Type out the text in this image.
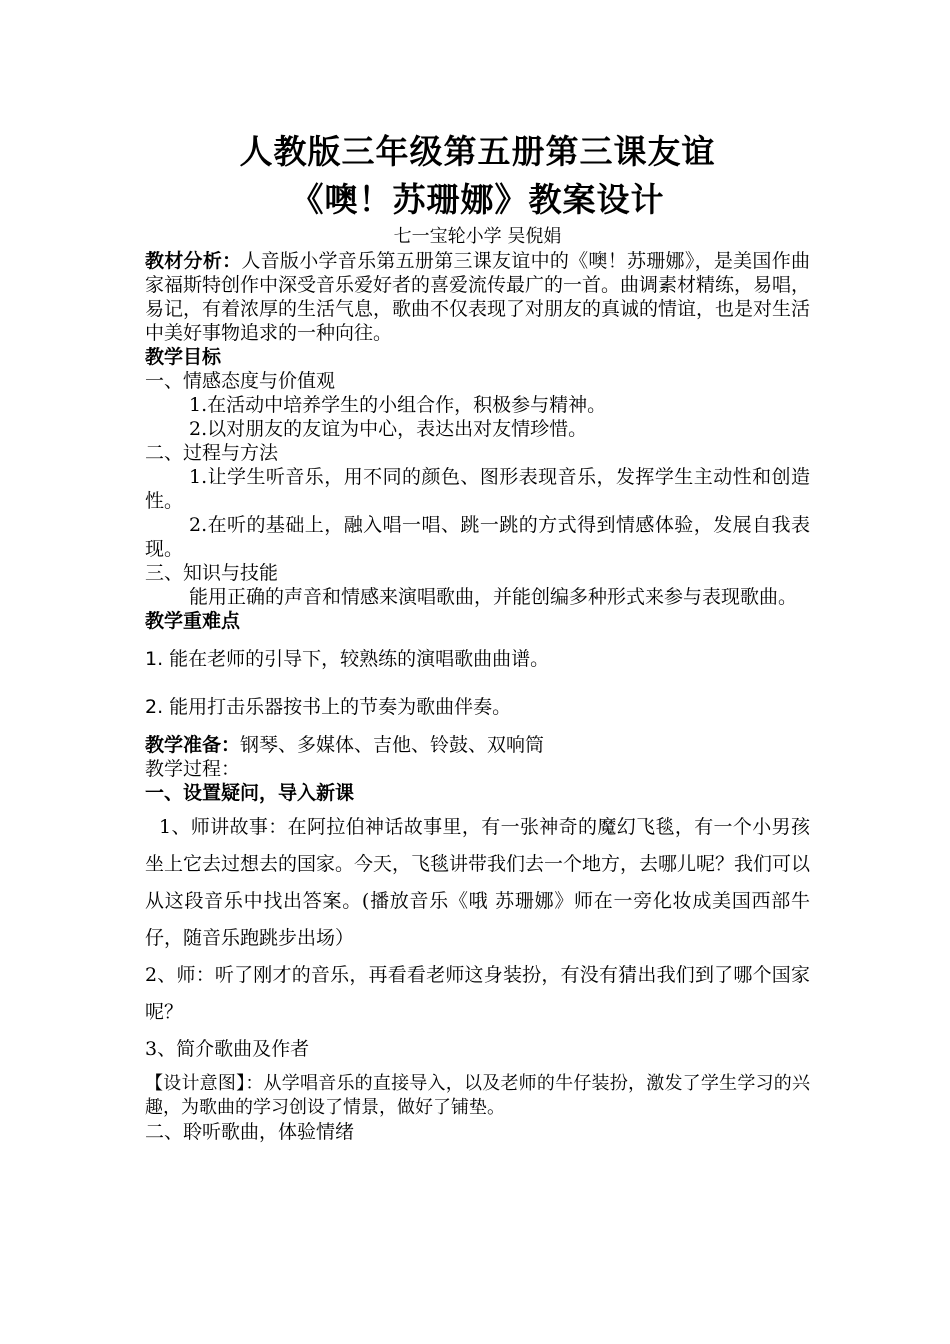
人教版三年级第五册第三课友谊
《噢！苏珊娜》教案设计
七一宝轮小学 吴倪娟

教材分析：人音版小学音乐第五册第三课友谊中的《噢！苏珊娜》，是美国作曲家福斯特创作中深受音乐爱好者的喜爱流传最广的一首。曲调素材精练，易唱，易记，有着浓厚的生活气息，歌曲不仅表现了对朋友的真诚的情谊，也是对生活中美好事物追求的一种向往。

教学目标

一、情感态度与价值观

1.在活动中培养学生的小组合作，积极参与精神。

2.以对朋友的友谊为中心，表达出对友情珍惜。

二、过程与方法

1.让学生听音乐，用不同的颜色、图形表现音乐，发挥学生主动性和创造性。

2.在听的基础上，融入唱一唱、跳一跳的方式得到情感体验，发展自我表现。

三、知识与技能

能用正确的声音和情感来演唱歌曲，并能创编多种形式来参与表现歌曲。

教学重难点

1. 能在老师的引导下，较熟练的演唱歌曲曲谱。

2. 能用打击乐器按书上的节奏为歌曲伴奏。

教学准备：钢琴、多媒体、吉他、铃鼓、双响筒

教学过程：

一、设置疑问，导入新课

1、师讲故事：在阿拉伯神话故事里，有一张神奇的魔幻飞毯，有一个小男孩坐上它去过想去的国家。今天，飞毯讲带我们去一个地方，去哪儿呢？我们可以从这段音乐中找出答案。(播放音乐《哦 苏珊娜》师在一旁化妆成美国西部牛仔，随音乐跑跳步出场）

2、师：听了刚才的音乐，再看看老师这身装扮，有没有猜出我们到了哪个国家呢？

3、简介歌曲及作者

【设计意图】：从学唱音乐的直接导入，以及老师的牛仔装扮，激发了学生学习的兴趣，为歌曲的学习创设了情景，做好了铺垫。

二、聆听歌曲，体验情绪
